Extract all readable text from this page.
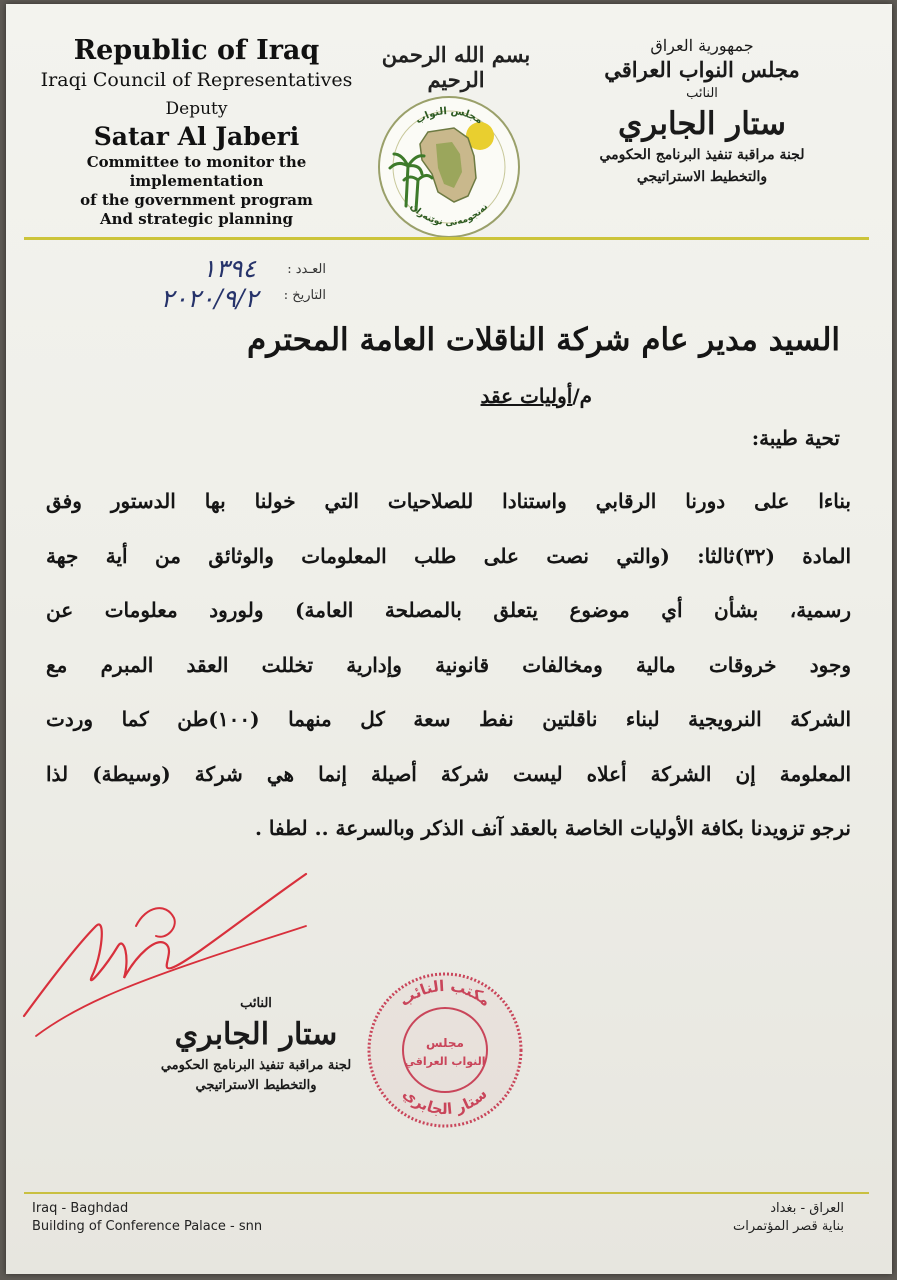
Republic of Iraq
Iraqi Council of Representatives
Deputy
Satar Al Jaberi
Committee to monitor the implementation
of the government program
And strategic planning
بسم الله الرحمن الرحيم
مجلس النواب
نەنجومەنی نوێنەران
جمهورية العراق
مجلس النواب العراقي
النائب
ستار الجابري
لجنة مراقبة تنفيذ البرنامج الحكومي
والتخطيط الاستراتيجي
العـدد :
١٣٩٤
التاريخ :
٢٠٢٠/٩/٢
السيد مدير عام شركة الناقلات العامة المحترم
م/أوليات عقد
تحية طيبة:
بناءا على دورنا الرقابي واستنادا للصلاحيات التي خولنا بها الدستور وفق
المادة (٣٢)ثالثا: (والتي نصت على طلب المعلومات والوثائق من أية جهة
رسمية، بشأن أي موضوع يتعلق بالمصلحة العامة) ولورود معلومات عن
وجود خروقات مالية ومخالفات قانونية وإدارية تخللت العقد المبرم مع
الشركة النرويجية لبناء ناقلتين نفط سعة كل منهما (١٠٠)طن كما وردت
المعلومة إن الشركة أعلاه ليست شركة أصيلة إنما هي شركة (وسيطة) لذا
نرجو تزويدنا بكافة الأوليات الخاصة بالعقد آنف الذكر وبالسرعة .. لطفا .
النائب
ستار الجابري
لجنة مراقبة تنفيذ البرنامج الحكومي
والتخطيط الاستراتيجي
مكتب النائب
ستار الجابري
مجلس
النواب العراقي
Iraq - Baghdad
Building of Conference Palace - snn
العراق - بغداد
بناية قصر المؤتمرات
